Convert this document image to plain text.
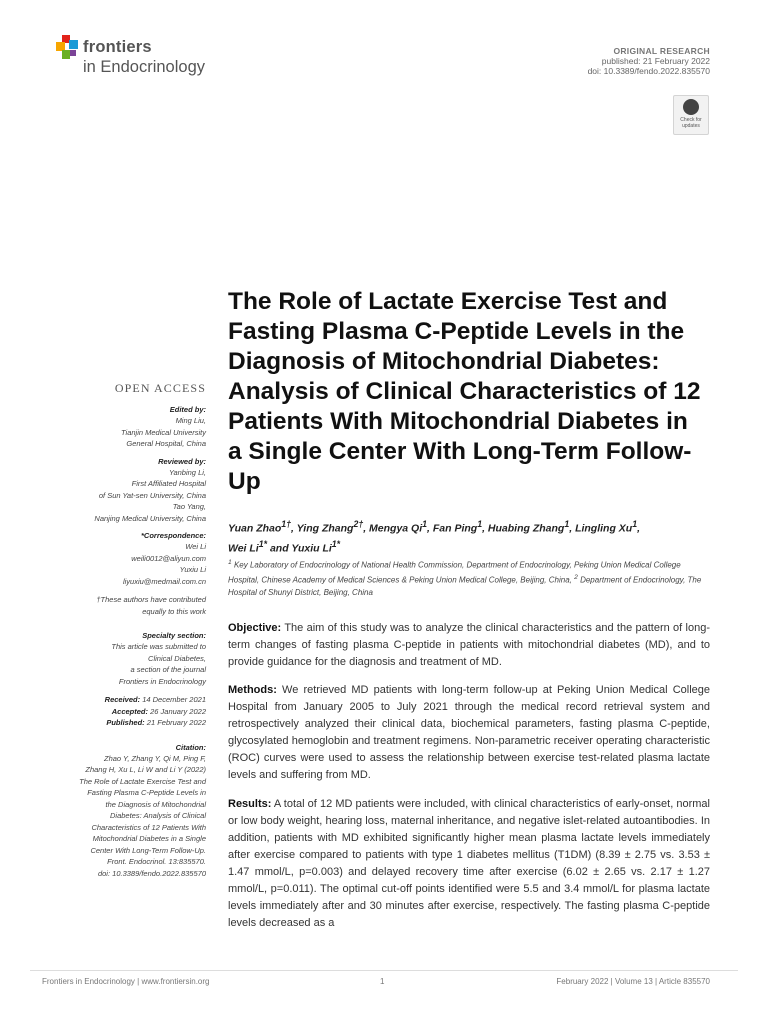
frontiers
in Endocrinology
ORIGINAL RESEARCH
published: 21 February 2022
doi: 10.3389/fendo.2022.835570
Check for updates
The Role of Lactate Exercise Test and Fasting Plasma C-Peptide Levels in the Diagnosis of Mitochondrial Diabetes: Analysis of Clinical Characteristics of 12 Patients With Mitochondrial Diabetes in a Single Center With Long-Term Follow-Up
Yuan Zhao$^{1\dagger}$, Ying Zhang$^{2\dagger}$, Mengya Qi$^1$, Fan Ping$^1$, Huabing Zhang$^1$, Lingling Xu$^1$,
Wei $Li^{1*}$ and Yuxiu $Li^{1*}$
$^1$ Key Laboratory of Endocrinology of National Health Commission, Department of Endocrinology, Peking Union Medical College Hospital, Chinese Academy of Medical Sciences & Peking Union Medical College, Beijing, China, $^2$ Department of Endocrinology, The Hospital of Shunyi District, Beijing, China
Objective: The aim of this study was to analyze the clinical characteristics and the pattern of long-term changes of fasting plasma C-peptide in patients with mitochondrial diabetes (MD), and to provide guidance for the diagnosis and treatment of MD.
Methods: We retrieved MD patients with long-term follow-up at Peking Union Medical College Hospital from January 2005 to July 2021 through the medical record retrieval system and retrospectively analyzed their clinical data, biochemical parameters, fasting plasma C-peptide, glycosylated hemoglobin and treatment regimens. Non-parametric receiver operating characteristic (ROC) curves were used to assess the relationship between exercise test-related plasma lactate levels and suffering from MD.
Results: A total of 12 MD patients were included, with clinical characteristics of early-onset, normal or low body weight, hearing loss, maternal inheritance, and negative islet-related autoantibodies. In addition, patients with MD exhibited significantly higher mean plasma lactate levels immediately after exercise compared to patients with type 1 diabetes mellitus (T1DM) (8.39 ± 2.75 vs. 3.53 ± 1.47 mmol/L, p=0.003) and delayed recovery time after exercise (6.02 ± 2.65 vs. 2.17 ± 1.27 mmol/L, p=0.011). The optimal cut-off points identified were 5.5 and 3.4 mmol/L for plasma lactate levels immediately after and 30 minutes after exercise, respectively. The fasting plasma C-peptide levels decreased as a
OPEN ACCESS
Edited by:
Ming Liu,
Tianjin Medical University
General Hospital, China
Reviewed by:
Yanbing Li,
First Affiliated Hospital
of Sun Yat-sen University, China
Tao Yang,
Nanjing Medical University, China
*Correspondence:
Wei Li
weili0012@aliyun.com
Yuxiu Li
liyuxiu@medmail.com.cn
†These authors have contributed
equally to this work
Specialty section:
This article was submitted to
Clinical Diabetes,
a section of the journal
Frontiers in Endocrinology
Received: 14 December 2021
Accepted: 26 January 2022
Published: 21 February 2022
Citation:
Zhao Y, Zhang Y, Qi M, Ping F,
Zhang H, Xu L, Li W and Li Y (2022)
The Role of Lactate Exercise Test and
Fasting Plasma C-Peptide Levels in
the Diagnosis of Mitochondrial
Diabetes: Analysis of Clinical
Characteristics of 12 Patients With
Mitochondrial Diabetes in a Single
Center With Long-Term Follow-Up.
Front. Endocrinol. 13:835570.
doi: 10.3389/fendo.2022.835570
Frontiers in Endocrinology | www.frontiersin.org	1	February 2022 | Volume 13 | Article 835570
